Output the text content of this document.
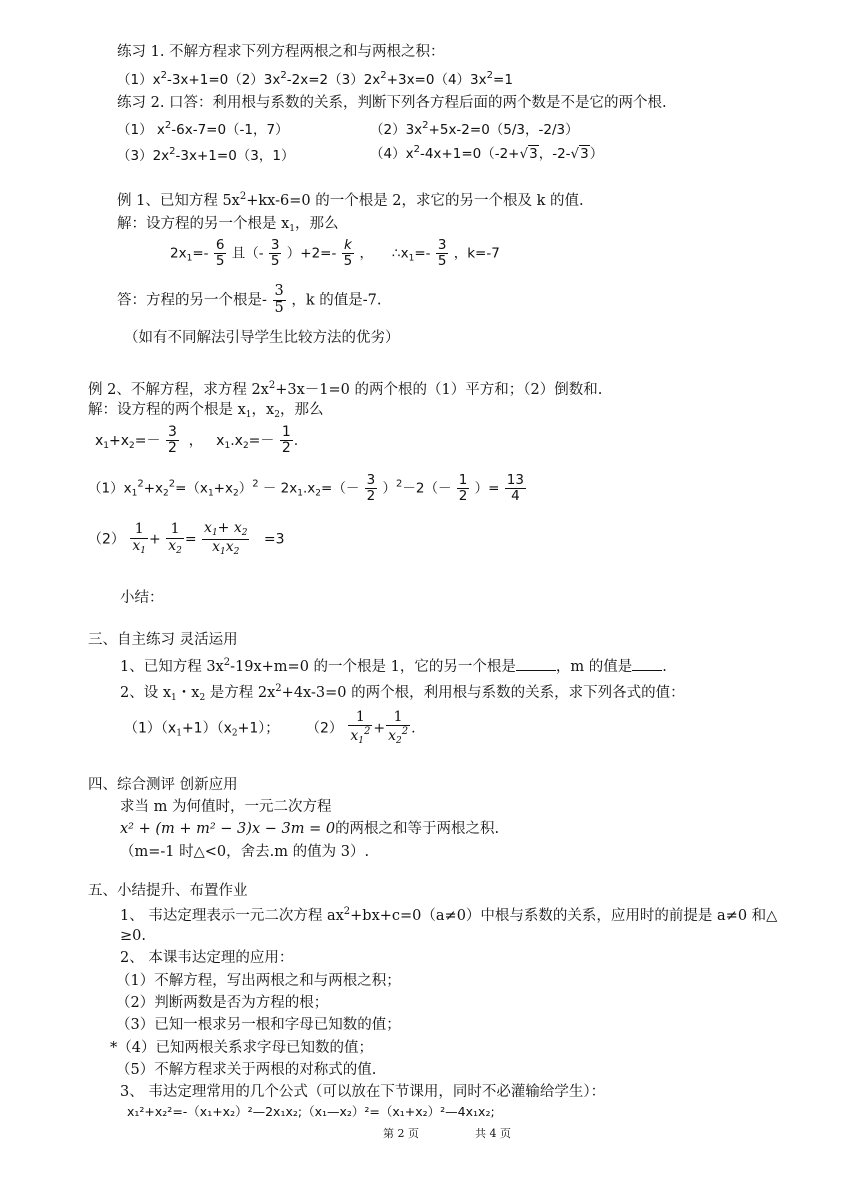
练习 1. 不解方程求下列方程两根之和与两根之积：
$(1)x^2-3x+1=0(2)3x^2-2x=2(3)2x^2+3x=0(4)3x^2=1$
练习 2. 口答：利用根与系数的关系，判断下列各方程后面的两个数是不是它的两个根.
（1） $x^2-6x-7=0(-1$，7）	$(2)3x^2+5x-2=0(5/3$，-2/3）
$(3)2x^2-3x+1=0(3$，1）	$(4)x^2-4x+1=0(-2+√3$，-2-√3）
例 1、已知方程 $5x^2+kx-6=0$ 的一个根是 2，求它的另一个根及 k 的值.
解：设方程的另一个根是 $x_1$，那么
$2x_1=- \frac{6}{5}$ 且（- $\frac{3}{5} )+2=- \frac{k}{5}$ ， $\therefore x_1=- \frac{3}{5}$ ，k=-7
答：方程的另一个根是- $\frac{3}{5}$ ，k 的值是-7.
（如有不同解法引导学生比较方法的优劣）
例 2、不解方程，求方程 $2x^2+3x-1=0$ 的两个根的（1）平方和；（2）倒数和.
解：设方程的两个根是 $x_1$，$x_2$，那么
$x_1+x_2=- \frac{3}{2}$ ， $x_1.x_2=- \frac{1}{2}$ .
$(1)x_1^2+x_2^2=(x_1+x_2)^2 - 2x_1.x_2=(- \frac{3}{2} )^2-2(- \frac{1}{2}$ ）= $\frac{13}{4}$
$(2) \frac{1}{x_1} + \frac{1}{x_2} = \frac{x_1+ x_2}{x_1x_2} =3$
小结：
三、自主练习 灵活运用
1、已知方程 $3x^2-19x+m=0$ 的一个根是 1，它的另一个根是	，m 的值是 .
2、设 $x_1$・$x_2$ 是方程 $2x^2+4x-3=0$ 的两个根，利用根与系数的关系，求下列各式的值：
$(1)(x_1+1)(x_2+1)$； $(2) \frac{1}{x_1^2} + \frac{1}{x_2^2}$ .
四、综合测评 创新应用
求当 m 为何值时，一元二次方程
x² + (m + m² − 3)x − 3m = 0的两根之和等于两根之积.
（m=-1 时△<0，舍去.m 的值为 3）.
五、小结提升、布置作业
1、 韦达定理表示一元二次方程 $ax^2+bx+c=0(a\ne 0)$中根与系数的关系，应用时的前提是 a≠0 和△
≥0.
2、 本课韦达定理的应用：
（1）不解方程，写出两根之和与两根之积；
（2）判断两数是否为方程的根；
（3）已知一根求另一根和字母已知数的值；
*（4）已知两根关系求字母已知数的值；
（5）不解方程求关于两根的对称式的值.
3、 韦达定理常用的几个公式（可以放在下节课用，同时不必灌输给学生）：
x₁²+x₂²=-（x₁+x₂）²—2x₁x₂;（x₁—x₂）²=（x₁+x₂）²—4x₁x₂;
第 2 页	共 4 页
